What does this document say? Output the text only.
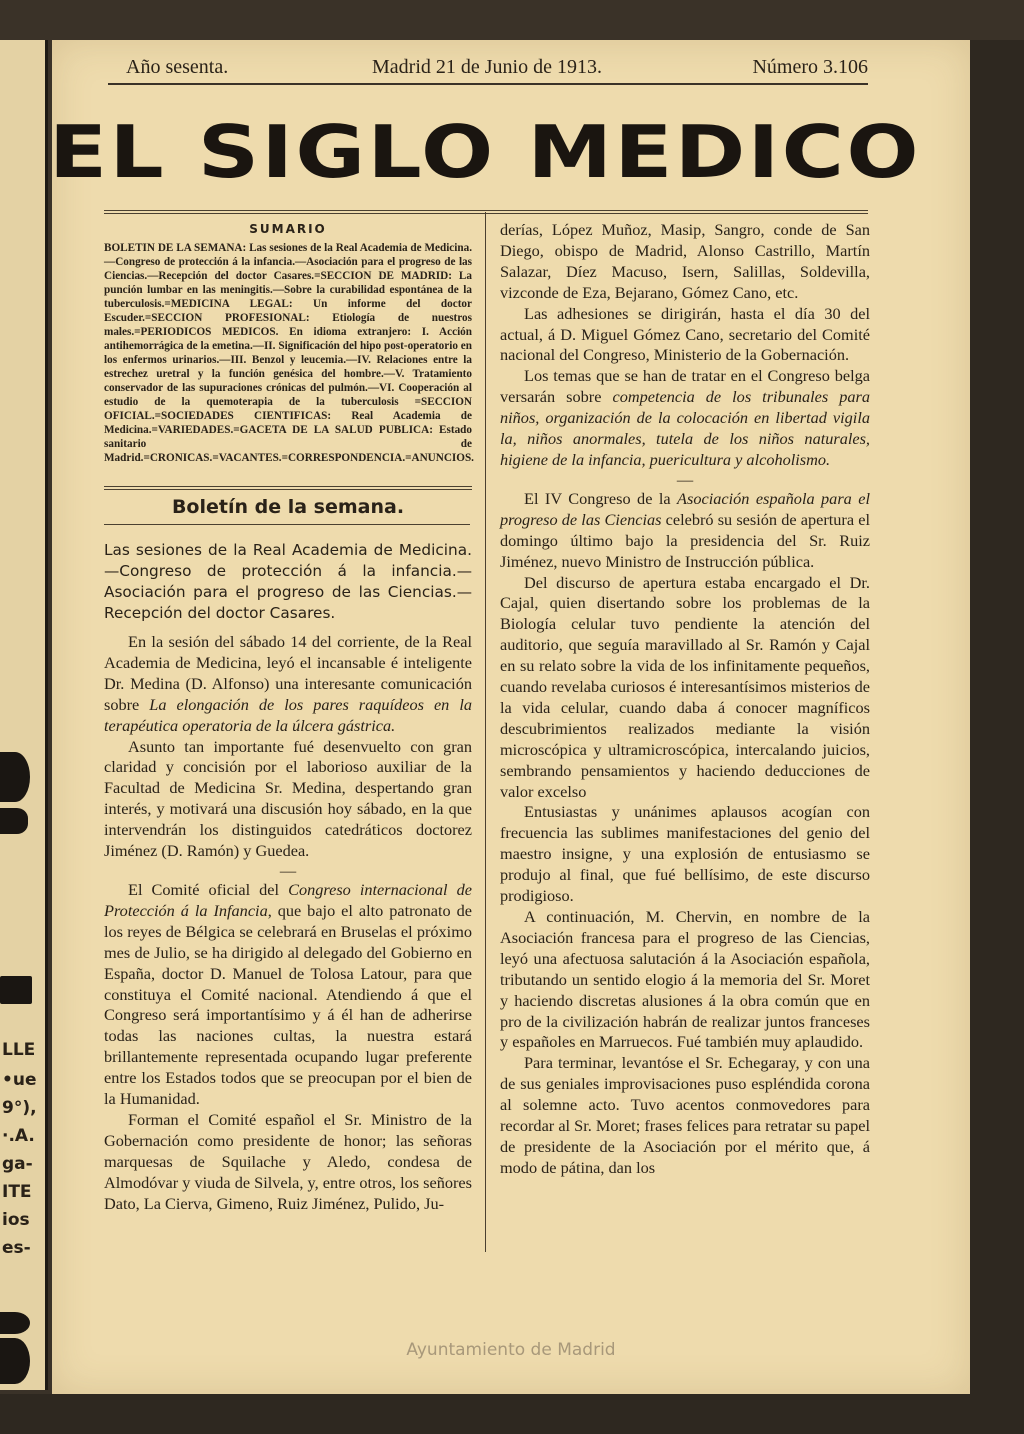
LLE
•ue
9°),
·.A.
ga-
ITE
ios
es-
Año sesenta.	Madrid 21 de Junio de 1913.	Número 3.106
EL SIGLO MEDICO
SUMARIO
BOLETIN DE LA SEMANA: Las sesiones de la Real Academia de Medicina.—Congreso de protección á la infancia.—Asociación para el progreso de las Ciencias.—Recepción del doctor Casares.=SECCION DE MADRID: La punción lumbar en las meningitis.—Sobre la curabilidad espontánea de la tuberculosis.=MEDICINA LEGAL: Un informe del doctor Escuder.=SECCION PROFESIONAL: Etiología de nuestros males.=PERIODICOS MEDICOS. En idioma extranjero: I. Acción antihemorrágica de la emetina.—II. Significación del hipo post-operatorio en los enfermos urinarios.—III. Benzol y leucemia.—IV. Relaciones entre la estrechez uretral y la función genésica del hombre.—V. Tratamiento conservador de las supuraciones crónicas del pulmón.—VI. Cooperación al estudio de la quemoterapia de la tuberculosis =SECCION OFICIAL.=SOCIEDADES CIENTIFICAS: Real Academia de Medicina.=VARIEDADES.=GACETA DE LA SALUD PUBLICA: Estado sanitario de Madrid.=CRONICAS.=VACANTES.=CORRESPONDENCIA.=ANUNCIOS.
Boletín de la semana.

Las sesiones de la Real Academia de Medicina.—Congreso de protección á la infancia.—Asociación para el progreso de las Ciencias.—Recepción del doctor Casares.

En la sesión del sábado 14 del corriente, de la Real Academia de Medicina, leyó el incansable é inteligente Dr. Medina (D. Alfonso) una interesante comunicación sobre La elongación de los pares raquídeos en la terapéutica operatoria de la úlcera gástrica.

Asunto tan importante fué desenvuelto con gran claridad y concisión por el laborioso auxiliar de la Facultad de Medicina Sr. Medina, despertando gran interés, y motivará una discusión hoy sábado, en la que intervendrán los distinguidos catedráticos doctorez Jiménez (D. Ramón) y Guedea.

—

El Comité oficial del Congreso internacional de Protección á la Infancia, que bajo el alto patronato de los reyes de Bélgica se celebrará en Bruselas el próximo mes de Julio, se ha dirigido al delegado del Gobierno en España, doctor D. Manuel de Tolosa Latour, para que constituya el Comité nacional. Atendiendo á que el Congreso será importantísimo y á él han de adherirse todas las naciones cultas, la nuestra estará brillantemente representada ocupando lugar preferente entre los Estados todos que se preocupan por el bien de la Humanidad.

Forman el Comité español el Sr. Ministro de la Gobernación como presidente de honor; las señoras marquesas de Squilache y Aledo, condesa de Almodóvar y viuda de Silvela, y, entre otros, los señores Dato, La Cierva, Gimeno, Ruiz Jiménez, Pulido, Ju-

derías, López Muñoz, Masip, Sangro, conde de San Diego, obispo de Madrid, Alonso Castrillo, Martín Salazar, Díez Macuso, Isern, Salillas, Soldevilla, vizconde de Eza, Bejarano, Gómez Cano, etc.

Las adhesiones se dirigirán, hasta el día 30 del actual, á D. Miguel Gómez Cano, secretario del Comité nacional del Congreso, Ministerio de la Gobernación.

Los temas que se han de tratar en el Congreso belga versarán sobre competencia de los tribunales para niños, organización de la colocación en libertad vigila la, niños anormales, tutela de los niños naturales, higiene de la infancia, puericultura y alcoholismo.

—

El IV Congreso de la Asociación española para el progreso de las Ciencias celebró su sesión de apertura el domingo último bajo la presidencia del Sr. Ruiz Jiménez, nuevo Ministro de Instrucción pública.

Del discurso de apertura estaba encargado el Dr. Cajal, quien disertando sobre los problemas de la Biología celular tuvo pendiente la atención del auditorio, que seguía maravillado al Sr. Ramón y Cajal en su relato sobre la vida de los infinitamente pequeños, cuando revelaba curiosos é interesantísimos misterios de la vida celular, cuando daba á conocer magníficos descubrimientos realizados mediante la visión microscópica y ultramicroscópica, intercalando juicios, sembrando pensamientos y haciendo deducciones de valor excelso

Entusiastas y unánimes aplausos acogían con frecuencia las sublimes manifestaciones del genio del maestro insigne, y una explosión de entusiasmo se produjo al final, que fué bellísimo, de este discurso prodigioso.

A continuación, M. Chervin, en nombre de la Asociación francesa para el progreso de las Ciencias, leyó una afectuosa salutación á la Asociación española, tributando un sentido elogio á la memoria del Sr. Moret y haciendo discretas alusiones á la obra común que en pro de la civilización habrán de realizar juntos franceses y españoles en Marruecos. Fué también muy aplaudido.

Para terminar, levantóse el Sr. Echegaray, y con una de sus geniales improvisaciones puso espléndida corona al solemne acto. Tuvo acentos conmovedores para recordar al Sr. Moret; frases felices para retratar su papel de presidente de la Asociación por el mérito que, á modo de pátina, dan los

Ayuntamiento de Madrid
